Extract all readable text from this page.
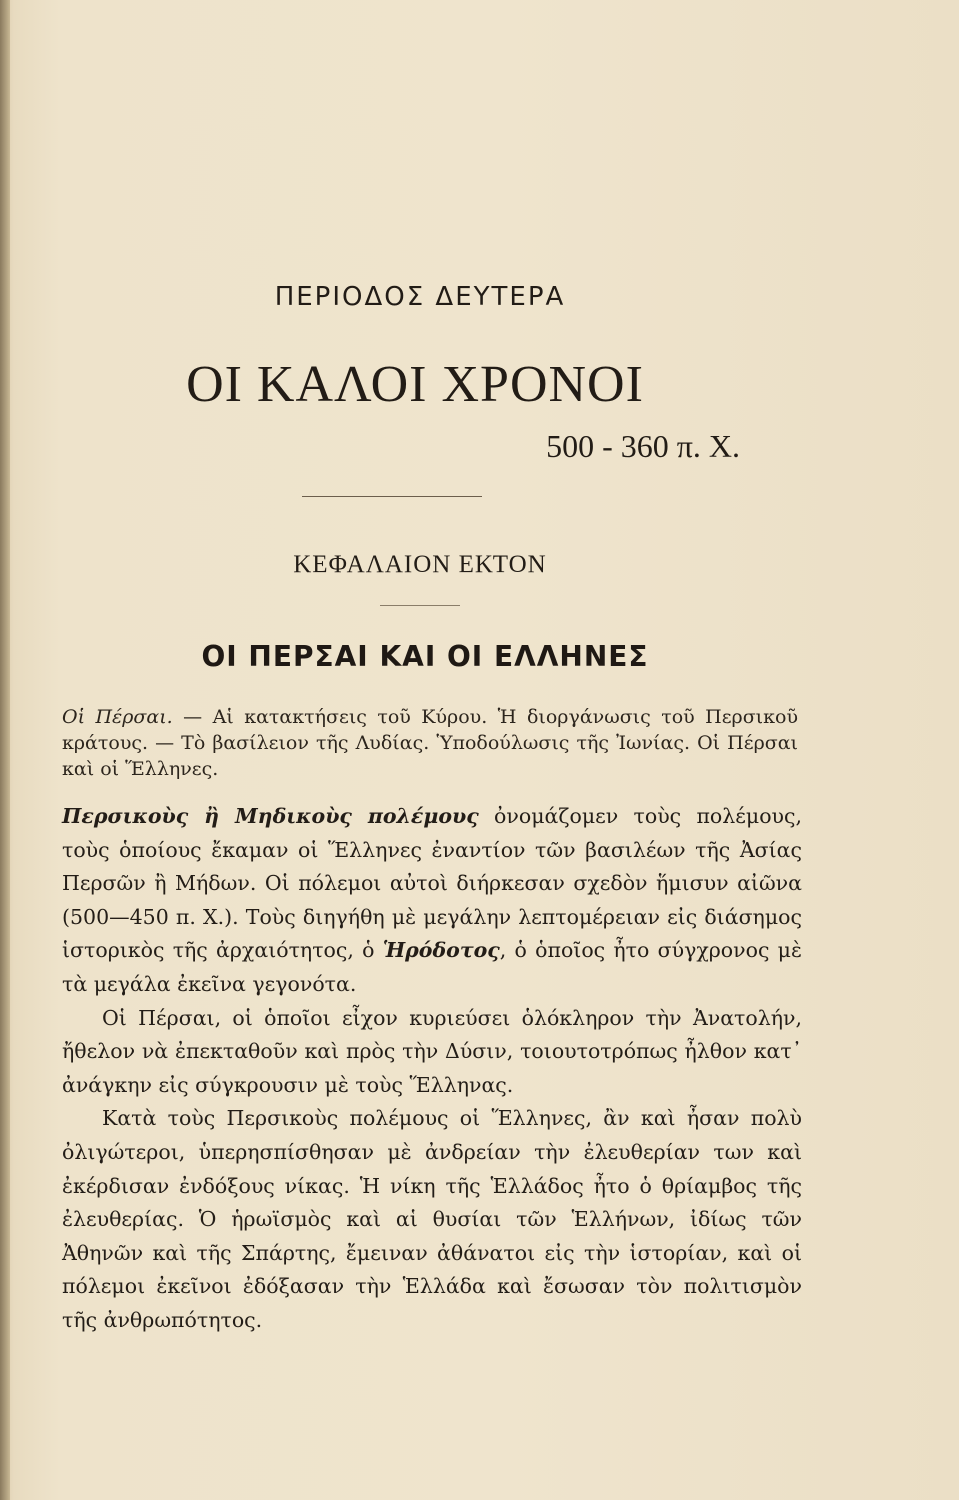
ΠΕΡΙΟΔΟΣ ΔΕΥΤΕΡΑ
ΟΙ ΚΑΛΟΙ ΧΡΟΝΟΙ
500 - 360 π. Χ.
ΚΕΦΑΛΑΙΟΝ ΕΚΤΟΝ
ΟΙ ΠΕΡΣΑΙ ΚΑΙ ΟΙ ΕΛΛΗΝΕΣ
Οἱ Πέρσαι. — Αἱ κατακτήσεις τοῦ Κύρου. Ἡ διοργάνωσις τοῦ Περσικοῦ κράτους. — Τὸ βασίλειον τῆς Λυδίας. Ὑποδούλωσις τῆς Ἰωνίας. Οἱ Πέρσαι καὶ οἱ Ἕλληνες.

Περσικοὺς ἢ Μηδικοὺς πολέμους ὀνομάζομεν τοὺς πολέμους, τοὺς ὁποίους ἔκαμαν οἱ Ἕλληνες ἐναντίον τῶν βασιλέων τῆς Ἀσίας Περσῶν ἢ Μήδων. Οἱ πόλεμοι αὐτοὶ διήρκεσαν σχεδὸν ἥμισυν αἰῶνα (500—450 π. Χ.). Τοὺς διηγήθη μὲ μεγάλην λεπτομέρειαν εἰς διάσημος ἱστορικὸς τῆς ἀρχαιότητος, ὁ Ἡρόδοτος, ὁ ὁποῖος ἦτο σύγχρονος μὲ τὰ μεγάλα ἐκεῖνα γεγονότα.

Οἱ Πέρσαι, οἱ ὁποῖοι εἶχον κυριεύσει ὁλόκληρον τὴν Ἀνατολήν, ἤθελον νὰ ἐπεκταθοῦν καὶ πρὸς τὴν Δύσιν, τοιουτοτρόπως ἦλθον κατ᾽ ἀνάγκην εἰς σύγκρουσιν μὲ τοὺς Ἕλληνας.

Κατὰ τοὺς Περσικοὺς πολέμους οἱ Ἕλληνες, ἂν καὶ ἦσαν πολὺ ὀλιγώτεροι, ὑπερησπίσθησαν μὲ ἀνδρείαν τὴν ἐλευθερίαν των καὶ ἐκέρδισαν ἐνδόξους νίκας. Ἡ νίκη τῆς Ἑλλάδος ἦτο ὁ θρίαμβος τῆς ἐλευθερίας. Ὁ ἡρωϊσμὸς καὶ αἱ θυσίαι τῶν Ἑλλήνων, ἰδίως τῶν Ἀθηνῶν καὶ τῆς Σπάρτης, ἔμειναν ἀθάνατοι εἰς τὴν ἱστορίαν, καὶ οἱ πόλεμοι ἐκεῖνοι ἐδόξασαν τὴν Ἑλλάδα καὶ ἔσωσαν τὸν πολιτισμὸν τῆς ἀνθρωπότητος.
